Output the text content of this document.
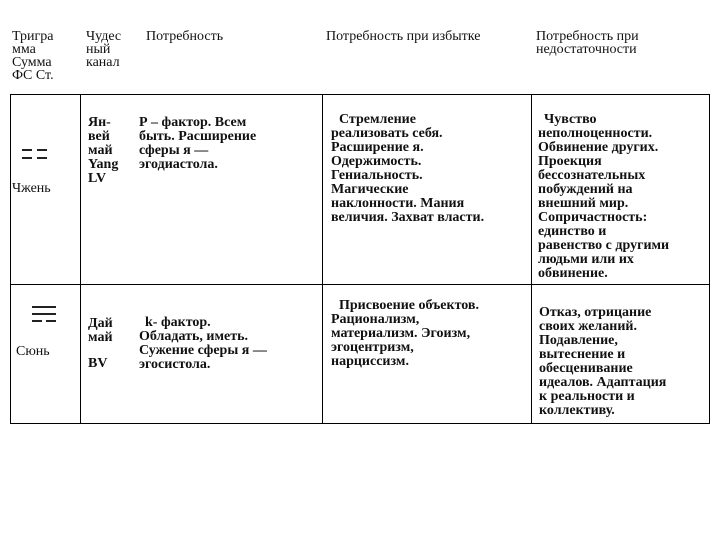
Тригра
мма
Сумма
ФС Ст.
Чудес
ный
канал
Потребность	Потребность при избытке	Потребность при
недостаточности
Чжень
Ян-
вей
май
Yang
LV
Р – фактор. Всем
быть. Расширение
сферы я —
эгодиастола.
Стремление
реализовать себя.
Расширение я.
Одержимость.
Гениальность.
Магические
наклонности. Мания
величия. Захват власти.
Чувство
неполноценности.
Обвинение других.
Проекция
бессознательных
побуждений на
внешний мир.
Сопричастность:
единство и
равенство с другими
людьми или их
обвинение.
Сюнь
Дай
май
BV
k- фактор.
Обладать, иметь.
Сужение сферы я —
эгосистола.
Присвоение объектов.
Рационализм,
материализм. Эгоизм,
эгоцентризм,
нарциссизм.
Отказ, отрицание
своих желаний.
Подавление,
вытеснение и
обесценивание
идеалов. Адаптация
к реальности и
коллективу.
